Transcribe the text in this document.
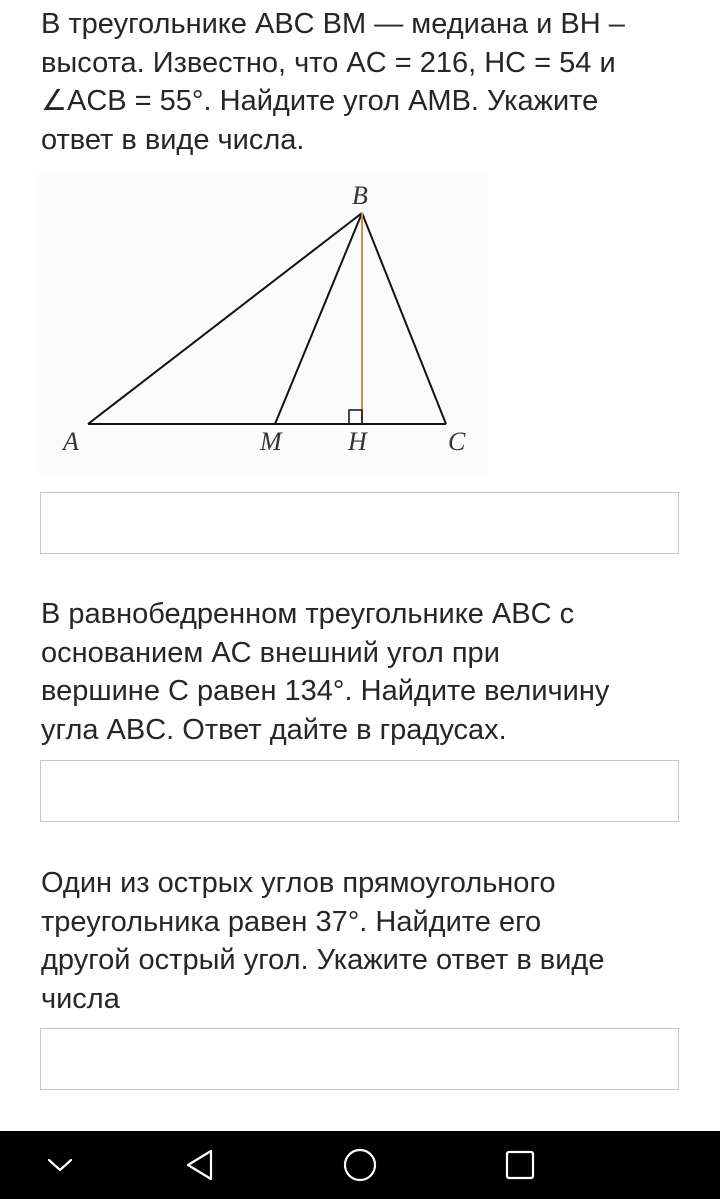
В треугольнике ABC BM — медиана и BH –
высота. Известно, что AC = 216, HC = 54 и
∠ACB = 55°. Найдите угол AMB. Укажите
ответ в виде числа.

B
A	M	H	C

В равнобедренном треугольнике ABC с
основанием AC внешний угол при
вершине C равен 134°. Найдите величину
угла ABC. Ответ дайте в градусах.

Один из острых углов прямоугольного
треугольника равен 37°. Найдите его
другой острый угол. Укажите ответ в виде
числа
